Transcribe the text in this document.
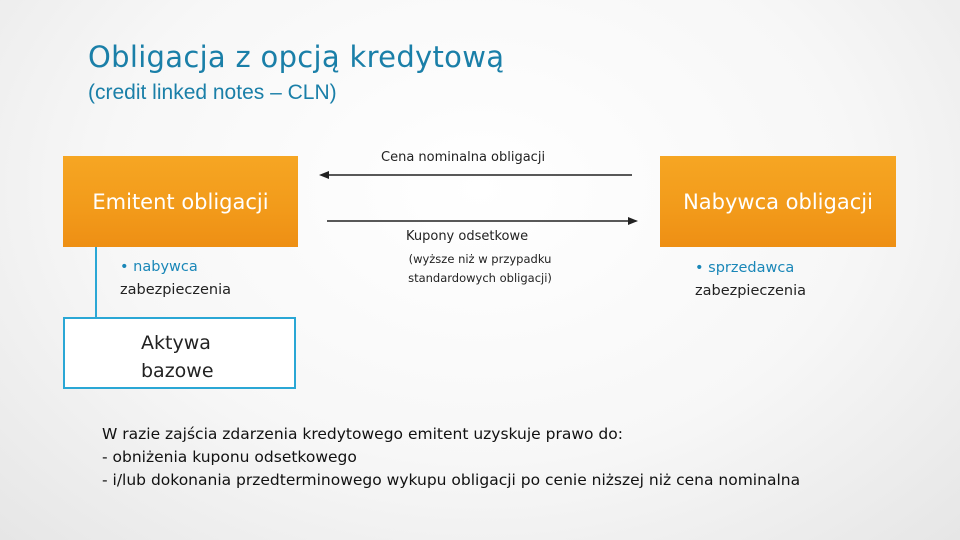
Obligacja z opcją kredytową
(credit linked notes – CLN)
Emitent obligacji	Nabywca obligacji
Aktywa
bazowe
Cena nominalna obligacji
Kupony odsetkowe
(wyższe niż w przypadku
standardowych obligacji)
• nabywca
zabezpieczenia
• sprzedawca
zabezpieczenia
W razie zajścia zdarzenia kredytowego emitent uzyskuje prawo do:
- obniżenia kuponu odsetkowego
- i/lub dokonania przedterminowego wykupu obligacji po cenie niższej niż cena nominalna
